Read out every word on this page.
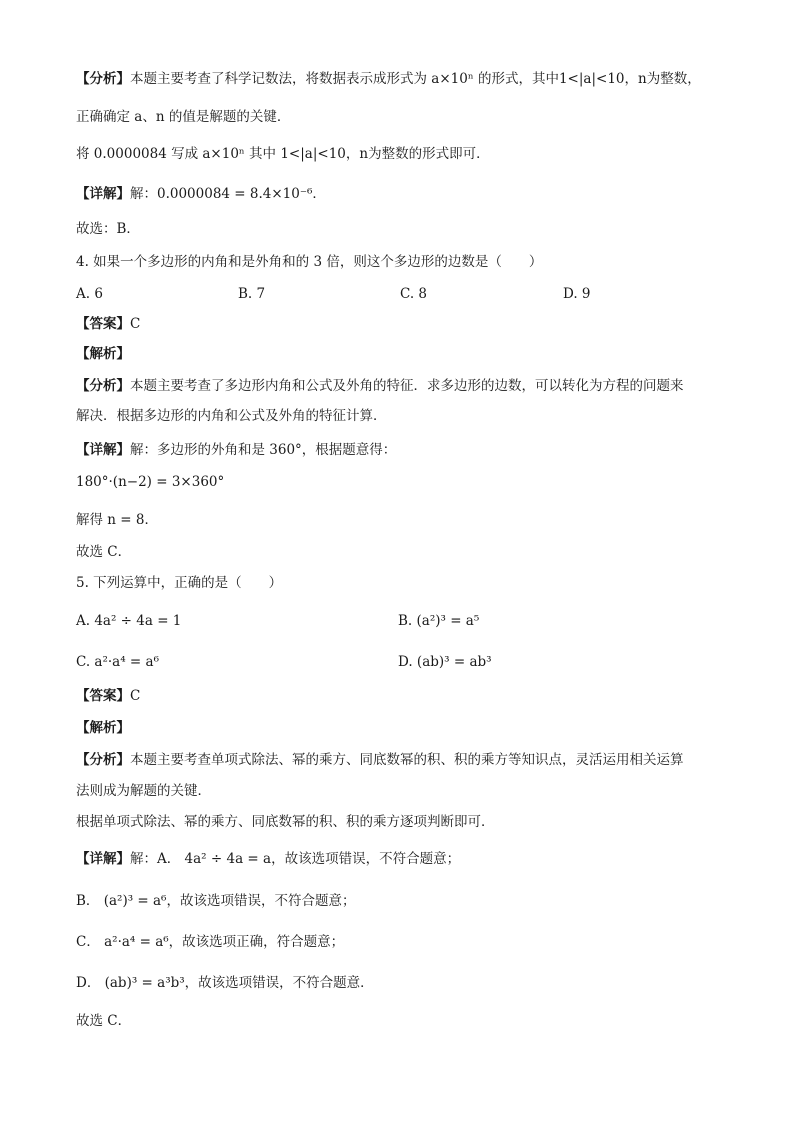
【分析】本题主要考查了科学记数法，将数据表示成形式为 a×10ⁿ 的形式，其中1<|a|<10，n为整数，
正确确定 a、n 的值是解题的关键．
将 0.0000084 写成 a×10ⁿ 其中 1<|a|<10，n为整数的形式即可．
【详解】解：0.0000084 = 8.4×10⁻⁶．
故选：B．
4. 如果一个多边形的内角和是外角和的 3 倍，则这个多边形的边数是（　　）
A. 6	B. 7	C. 8	D. 9
【答案】C
【解析】
【分析】本题主要考查了多边形内角和公式及外角的特征．求多边形的边数，可以转化为方程的问题来
解决．根据多边形的内角和公式及外角的特征计算．
【详解】解：多边形的外角和是 360°，根据题意得：
180°·(n−2) = 3×360°
解得 n = 8．
故选 C．
5. 下列运算中，正确的是（　　）
A. 4a² ÷ 4a = 1	B. (a²)³ = a⁵
C. a²·a⁴ = a⁶	D. (ab)³ = ab³
【答案】C
【解析】
【分析】本题主要考查单项式除法、幂的乘方、同底数幂的积、积的乘方等知识点，灵活运用相关运算
法则成为解题的关键．
根据单项式除法、幂的乘方、同底数幂的积、积的乘方逐项判断即可．
【详解】解：A． 4a² ÷ 4a = a，故该选项错误，不符合题意；
B． (a²)³ = a⁶，故该选项错误，不符合题意；
C． a²·a⁴ = a⁶，故该选项正确，符合题意；
D． (ab)³ = a³b³，故该选项错误，不符合题意．
故选 C．
